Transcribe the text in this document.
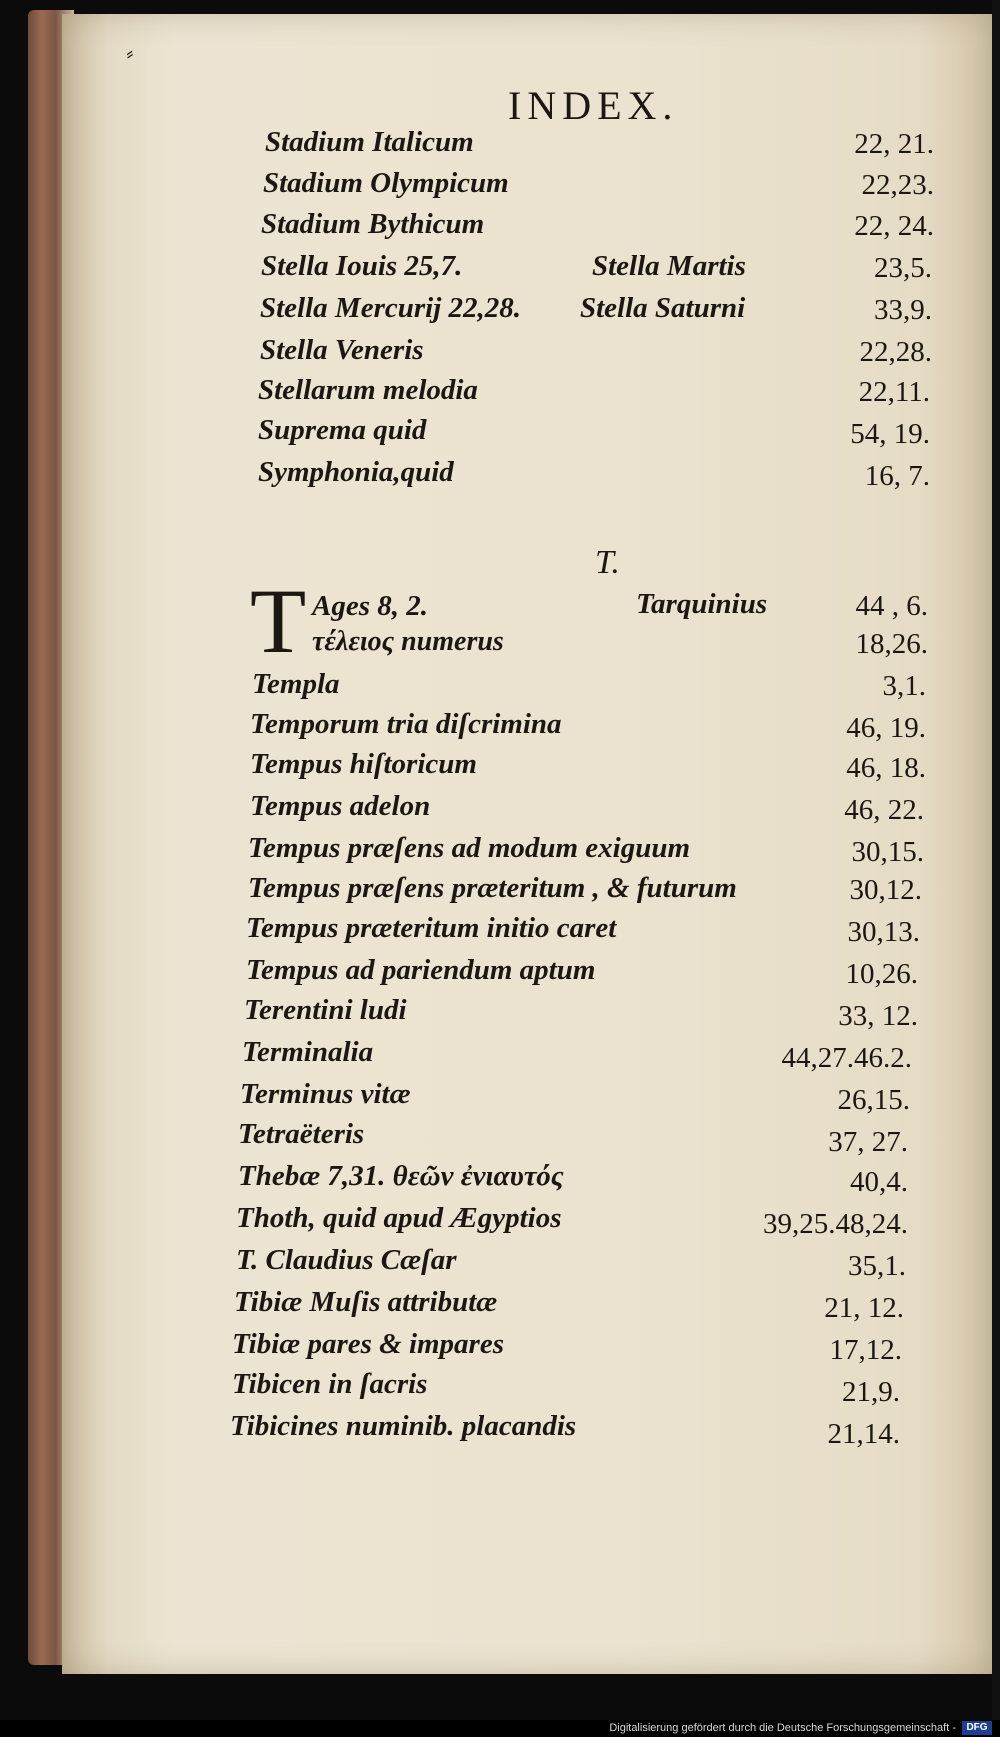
⸗
INDEX.
Stadium Italicum	22, 21.
Stadium Olympicum	22,23.
Stadium Bythicum	22, 24.
Stella Iouis 25,7.	Stella Martis	23,5.
Stella Mercurij 22,28. Stella Saturni	33,9.
Stella Veneris	22,28.
Stellarum melodia	22,11.
Suprema quid	54, 19.
Symphonia,quid	16, 7.
T.
T Ages 8, 2.	Tarquinius	44 , 6.
τέλειος numerus	18,26.
Templa	3,1.
Temporum tria diſcrimina	46, 19.
Tempus hiſtoricum	46, 18.
Tempus adelon	46, 22.
Tempus præſens ad modum exiguum	30,15.
Tempus præſens præteritum , & futurum	30,12.
Tempus præteritum initio caret	30,13.
Tempus ad pariendum aptum	10,26.
Terentini ludi	33, 12.
Terminalia	44,27.46.2.
Terminus vitæ	26,15.
Tetraëteris	37, 27.
Thebæ 7,31. θεῶν ἐνιαυτός	40,4.
Thoth, quid apud Ægyptios	39,25.48,24.
T. Claudius Cæſar	35,1.
Tibiæ Muſis attributæ	21, 12.
Tibiæ pares & impares	17,12.
Tibicen in ſacris	21,9.
Tibicines numinib. placandis	21,14.
Digitalisierung gefördert durch die Deutsche Forschungsgemeinschaft -	DFG
